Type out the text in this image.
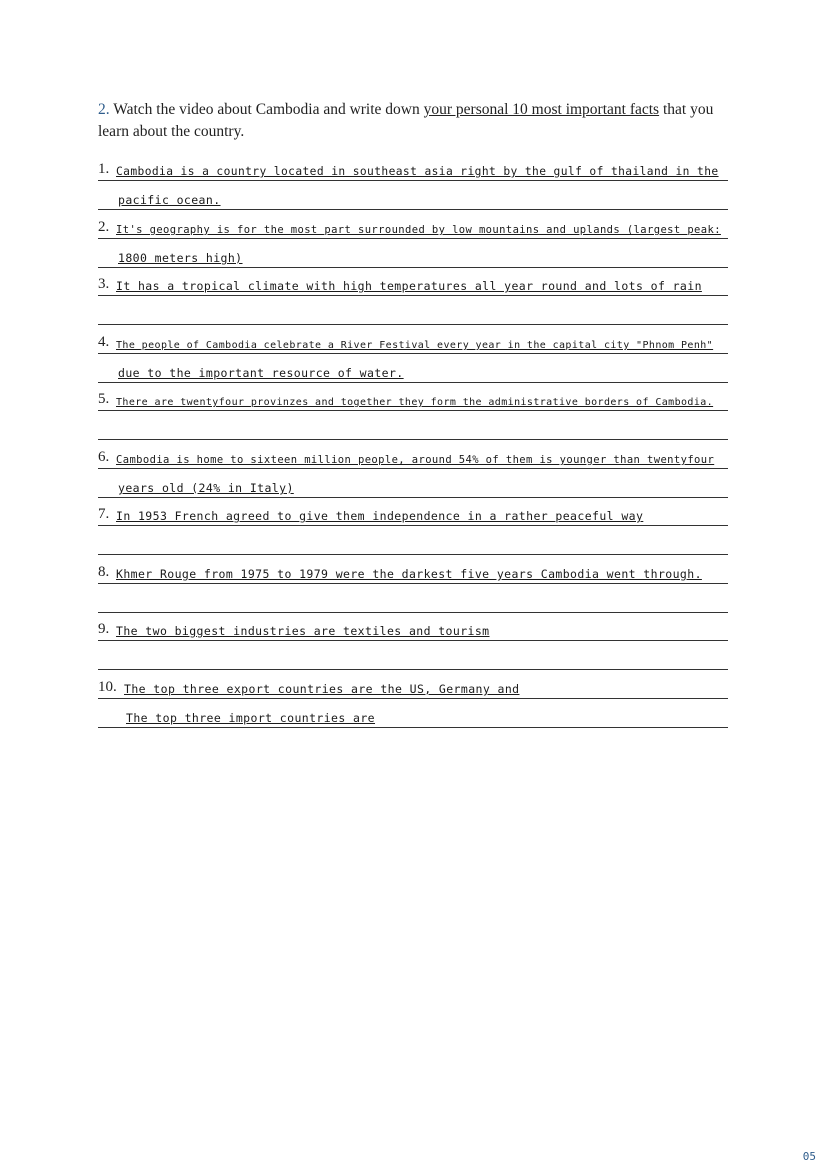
2. Watch the video about Cambodia and write down your personal 10 most important facts that you learn about the country.
1. Cambodia is a country located in southeast asia right by the gulf of thailand in the
pacific ocean.
2. It's geography is for the most part surrounded by low mountains and uplands (largest peak:
1800 meters high)
3. It has a tropical climate with high temperatures all year round and lots of rain
4. The people of Cambodia celebrate a River Festival every year in the capital city "Phnom Penh"
due to the important resource of water.
5. There are twentyfour provinzes and together they form the administrative borders of Cambodia.
6. Cambodia is home to sixteen million people, around 54% of them is younger than twentyfour
years old (24% in Italy)
7. In 1953 French agreed to give them independence in a rather peaceful way
8. Khmer Rouge from 1975 to 1979 were the darkest five years Cambodia went through.
9. The two biggest industries are textiles and tourism
10. The top three export countries are the US, Germany and
The top three import countries are
05
